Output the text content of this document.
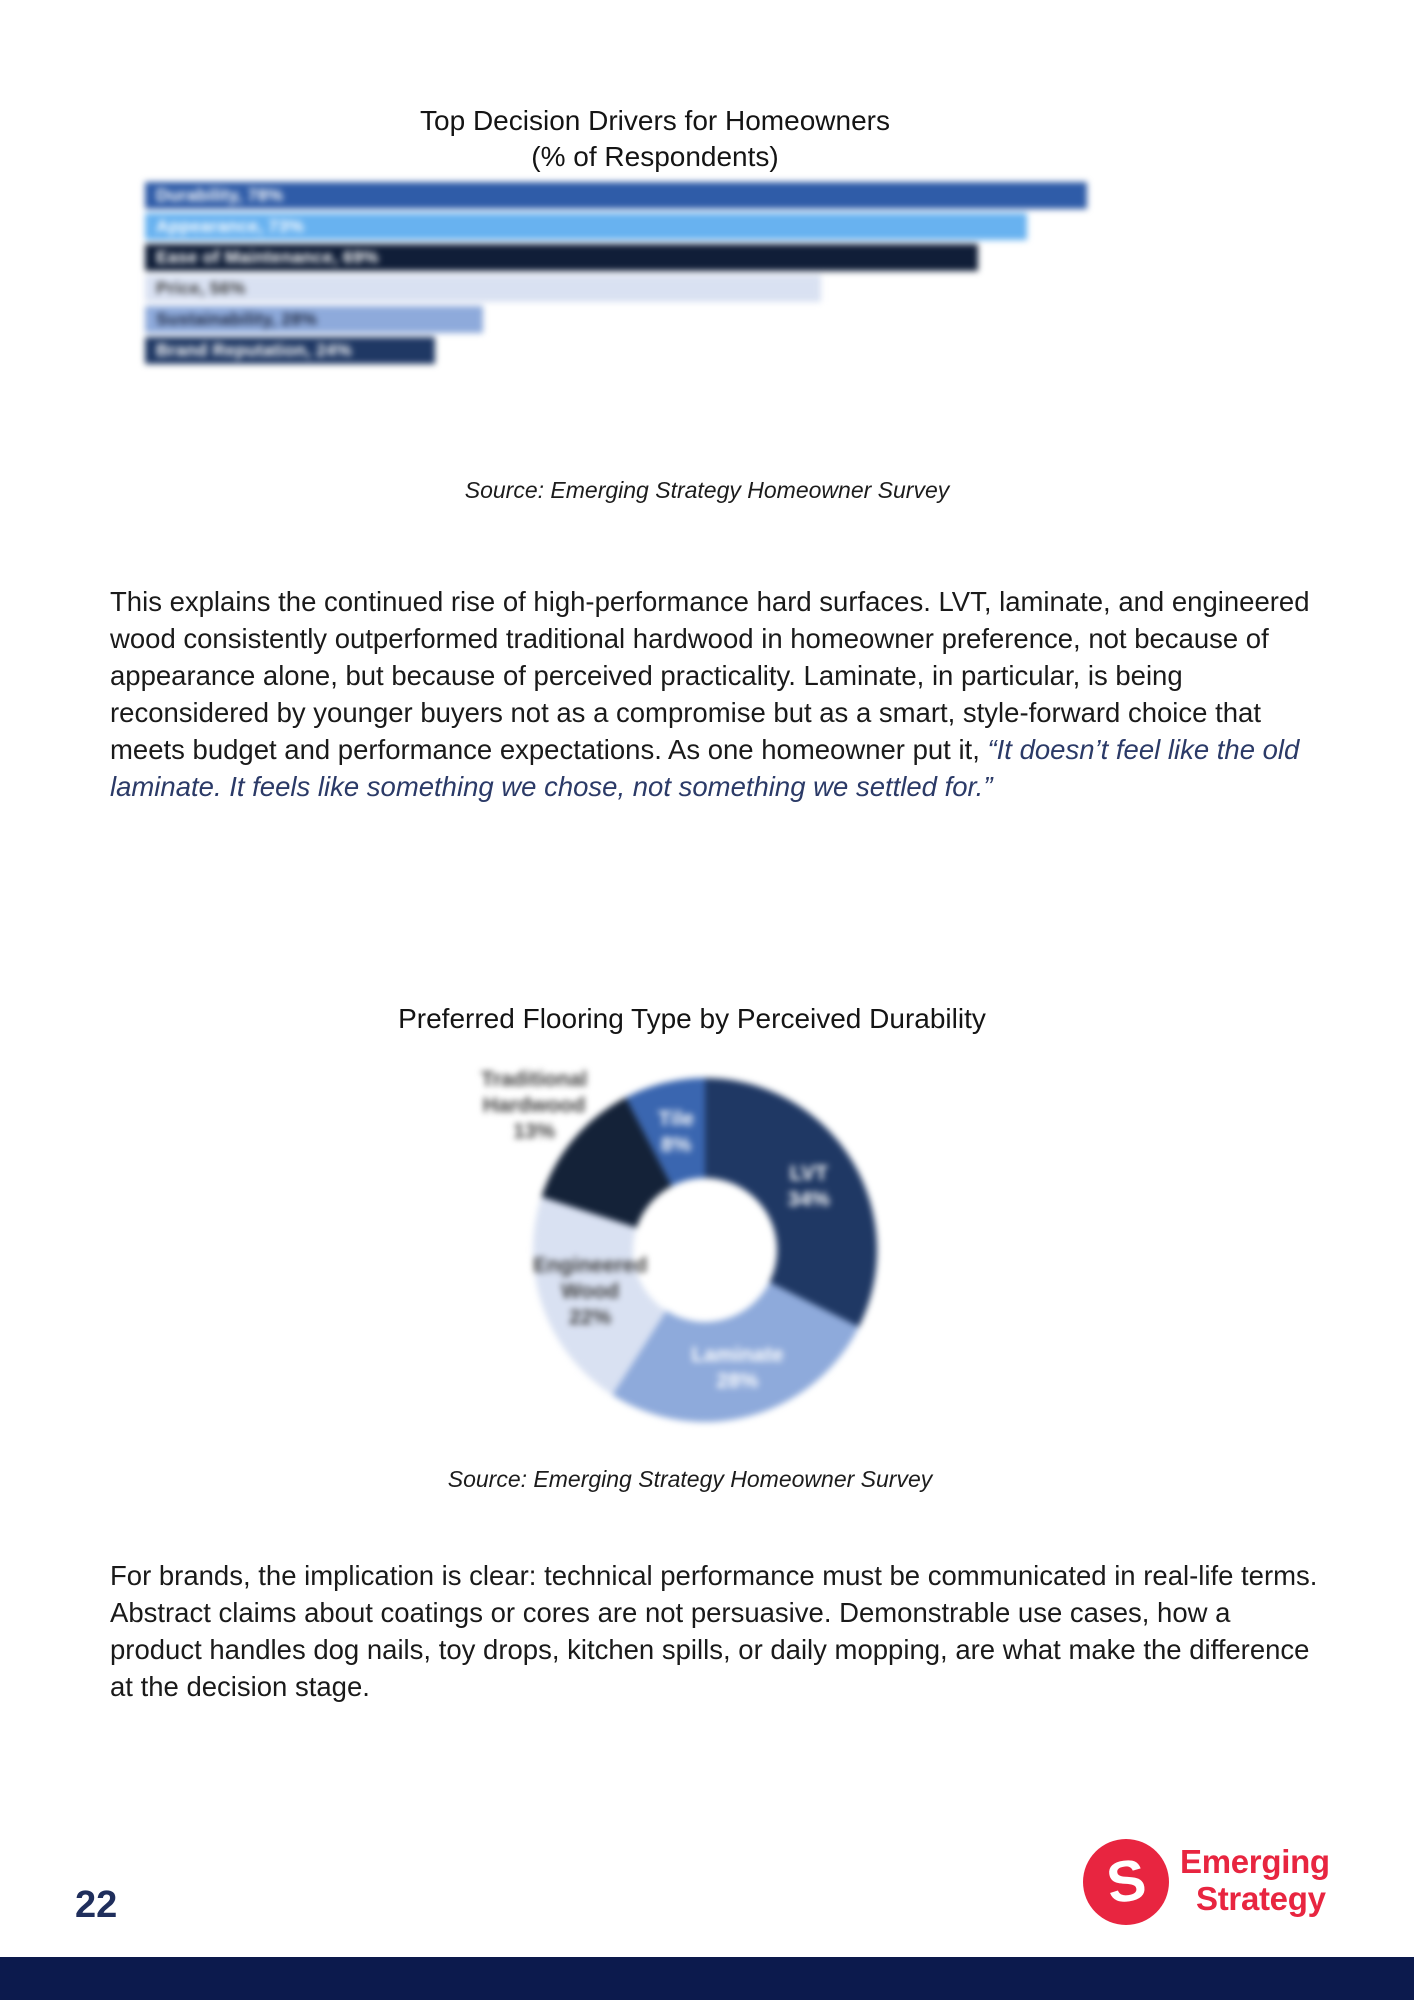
Top Decision Drivers for Homeowners
(% of Respondents)
Durability, 78%
Appearance, 73%
Ease of Maintenance, 69%
Price, 56%
Sustainability, 28%
Brand Reputation, 24%
Source: Emerging Strategy Homeowner Survey

This explains the continued rise of high-performance hard surfaces. LVT, laminate, and engineered wood consistently outperformed traditional hardwood in homeowner preference, not because of appearance alone, but because of perceived practicality. Laminate, in particular, is being reconsidered by younger buyers not as a compromise but as a smart, style-forward choice that meets budget and performance expectations. As one homeowner put it, “It doesn’t feel like the old laminate. It feels like something we chose, not something we settled for.”

Preferred Flooring Type by Perceived Durability
LVT 34%
Laminate 28%
Engineered Wood 22%
Traditional Hardwood 13%
Tile 8%
Source: Emerging Strategy Homeowner Survey

For brands, the implication is clear: technical performance must be communicated in real-life terms. Abstract claims about coatings or cores are not persuasive. Demonstrable use cases, how a product handles dog nails, toy drops, kitchen spills, or daily mopping, are what make the difference at the decision stage.

22	S Emerging
Strategy
